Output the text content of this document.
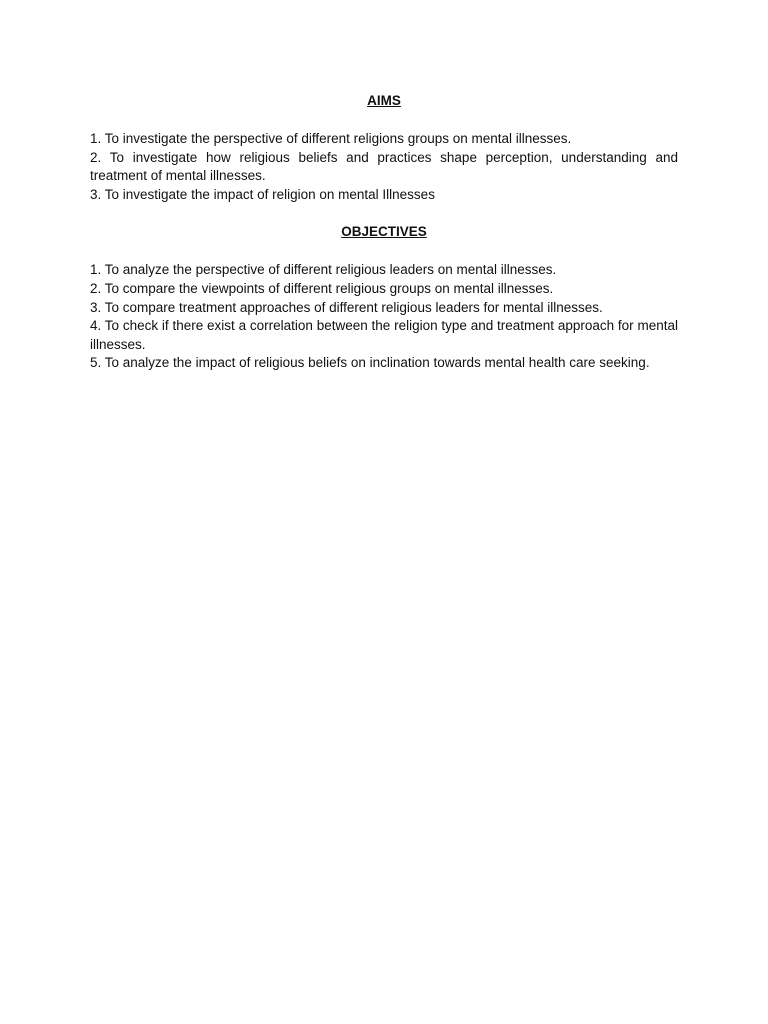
AIMS
1. To investigate the perspective of different religions groups on mental illnesses.
2. To investigate how religious beliefs and practices shape perception, understanding and treatment of mental illnesses.
3. To investigate the impact of religion on mental Illnesses
OBJECTIVES
1. To analyze the perspective of different religious leaders on mental illnesses.
2. To compare the viewpoints of different religious groups on mental illnesses.
3. To compare treatment approaches of different religious leaders for mental illnesses.
4. To check if there exist a correlation between the religion type and treatment approach for mental illnesses.
5. To analyze the impact of religious beliefs on inclination towards mental health care seeking.
